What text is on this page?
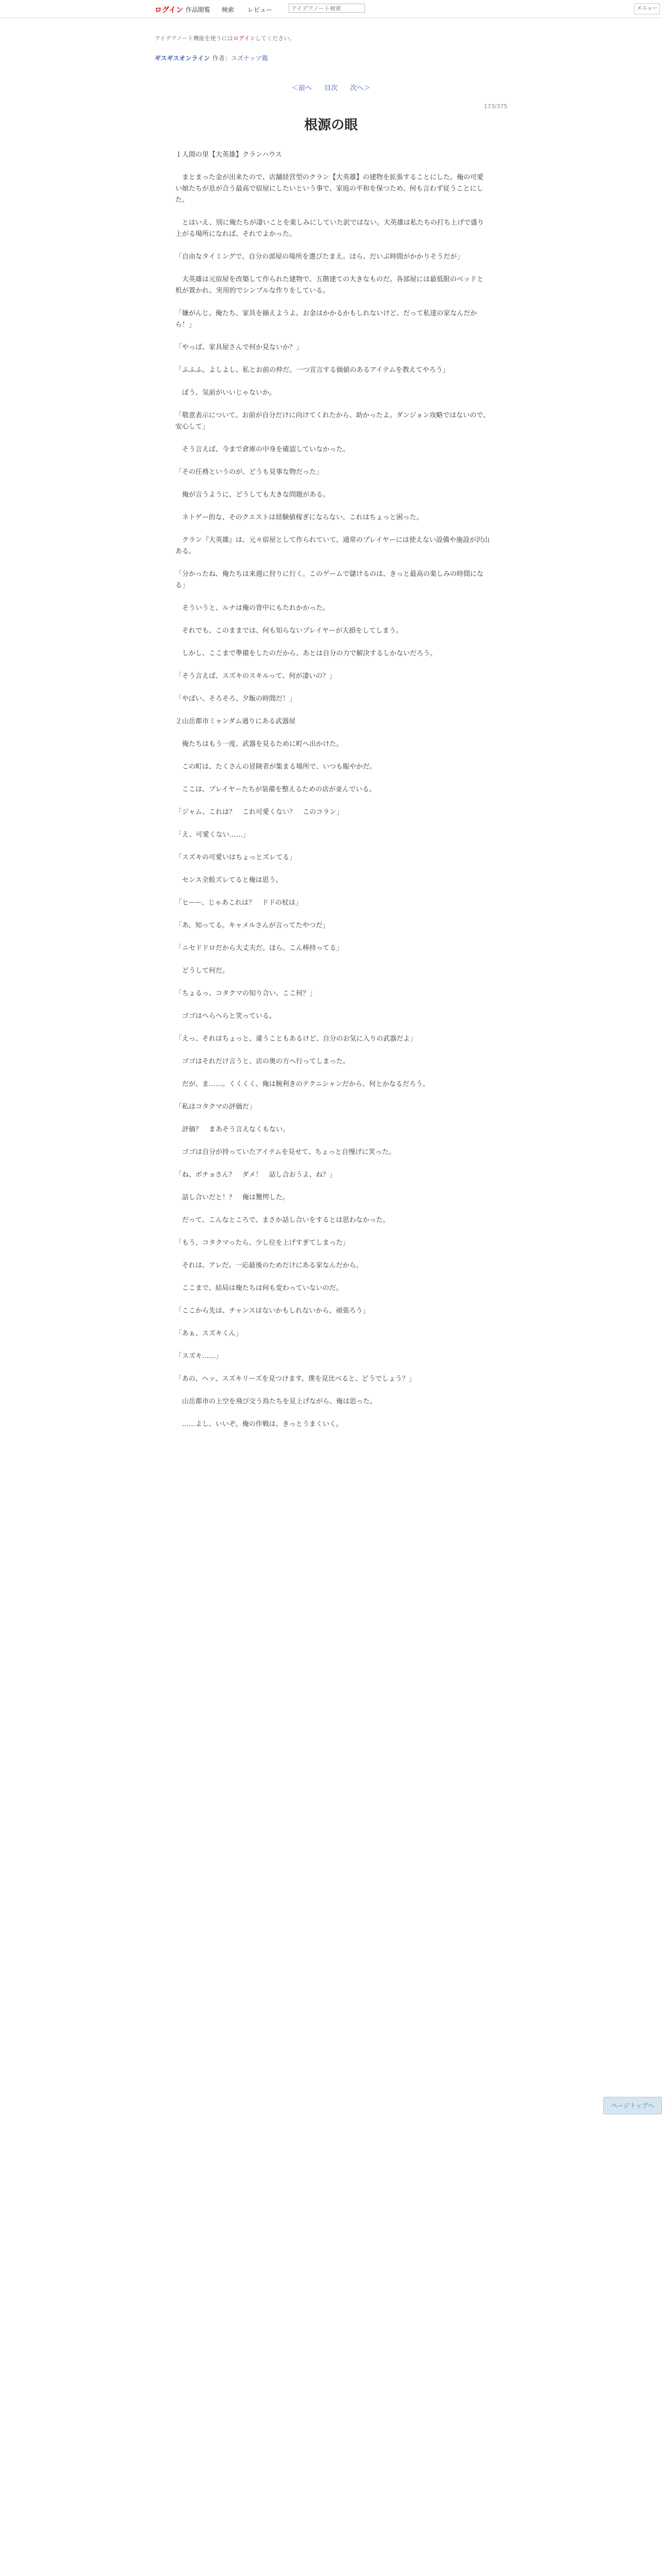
ログイン 作品閲覧 検索 レビュー
アイデアノート検索	メニュー
アイデアノート機能を使うにはログインしてください。
ギスギスオンライン 作者：ユズナッツ鶏
＜前へ 目次 次へ＞
173/375
根源の眼

１人間の里【大英雄】クランハウス

　まとまった金が出来たので、店舗経営型のクラン【大英雄】の建物を拡張することにした。俺の可愛い娘たちが息が合う最高で宿屋にしたいという事で、家庭の平和を保つため、何も言わず従うことにした。

　とはいえ、別に俺たちが凄いことを楽しみにしていた訳ではない。大英雄は私たちの打ち上げで盛り上がる場所になれば、それでよかった。

「自由なタイミングで、自分の部屋の場所を選びたまえ。ほら、だいぶ時間がかかりそうだが」

　大英雄は元宿屋を改築して作られた建物で、五階建ての大きなものだ。各部屋には最低限のベッドと机が置かれ、実用的でシンプルな作りをしている。

「嫌がんじ。俺たち、家具を揃えようよ。お金はかかるかもしれないけど、だって私達の家なんだから！」

「やっぱ、家具屋さんで何か見ないか？」

「ふふふ。よしよし。私とお前の仲だ。一つ宣言する価値のあるアイテムを教えてやろう」

　ぼう、気前がいいじゃないか。

「敬意表示について。お前が自分だけに向けてくれたから、助かったよ。ダンジョン攻略ではないので、安心して」

　そう言えば、今まで倉庫の中身を確認していなかった。

「その任務というのが、どうも見事な物だった」

　俺が言うように、どうしても大きな問題がある。

　ネトゲー的な、そのクエストは経験値稼ぎにならない、これはちょっと困った。

　クラン『大英雄』は、元々宿屋として作られていて、通常のプレイヤーには使えない設備や施設が沢山ある。

「分かったね、俺たちは来週に狩りに行く。このゲームで儲けるのは、きっと最高の楽しみの時間になる」

　そういうと、ルナは俺の背中にもたれかかった。

　それでも、このままでは、何も知らないプレイヤーが大損をしてしまう。

　しかし、ここまで準備をしたのだから、あとは自分の力で解決するしかないだろう。

「そう言えば、スズキのスキルって、何が凄いの？」

「やばい、そろそろ、夕飯の時間だ！」

２山岳都市ミャンダム通りにある武器屋

　俺たちはもう一度、武器を見るために町へ出かけた。

　この町は、たくさんの冒険者が集まる場所で、いつも賑やかだ。

　ここは、プレイヤーたちが装備を整えるための店が並んでいる。

「ジャム、これは？　これ可愛くない？　このコラン」

「え、可愛くない……」

「スズキの可愛いはちょっとズレてる」

　センス全般ズレてると俺は思う。

「ヒーー、じゃあこれは？　ドドの杖は」

「あ、知ってる。キャメルさんが言ってたやつだ」

「ニセドドロだから大丈夫だ。ほら、こん棒持ってる」

　どうして何だ。

「ちょるっ、コタクマの知り合い、ここ何？」

　ゴゴはへらへらと笑っている。

「えっ、それはちょっと、違うこともあるけど、自分のお気に入りの武器だよ」

　ゴゴはそれだけ言うと、店の奥の方へ行ってしまった。

　だが、ま……。くくくく。俺は腕利きのテクニシャンだから、何とかなるだろう。

「私はコタクマの評価だ」

　評価？　まあそう言えなくもない。

　ゴゴは自分が持っていたアイテムを見せて、ちょっと自慢げに笑った。

「ね、ボチョさん？　ダメ！　話し合おうよ、ね？」

　話し合いだと！？　俺は驚愕した。

　だって、こんなところで、まさか話し合いをするとは思わなかった。

「もう、コタクマったら、少し位を上げすぎてしまった」

　それは、アレだ。一応最後のためだけにある家なんだから。

　ここまで、結局は俺たちは何も変わっていないのだ。

「ここから先は、チャンスはないかもしれないから、頑張ろう」

「あぁ、スズキくん」

「スズキ……」

「あの、ヘッ、スズキリーズを見つけます。僕を見比べると、どうでしょう？」

　山岳都市の上空を飛び交う鳥たちを見上げながら、俺は思った。

　……よし、いいぞ。俺の作戦は、きっとうまくいく。

ページトップへ
